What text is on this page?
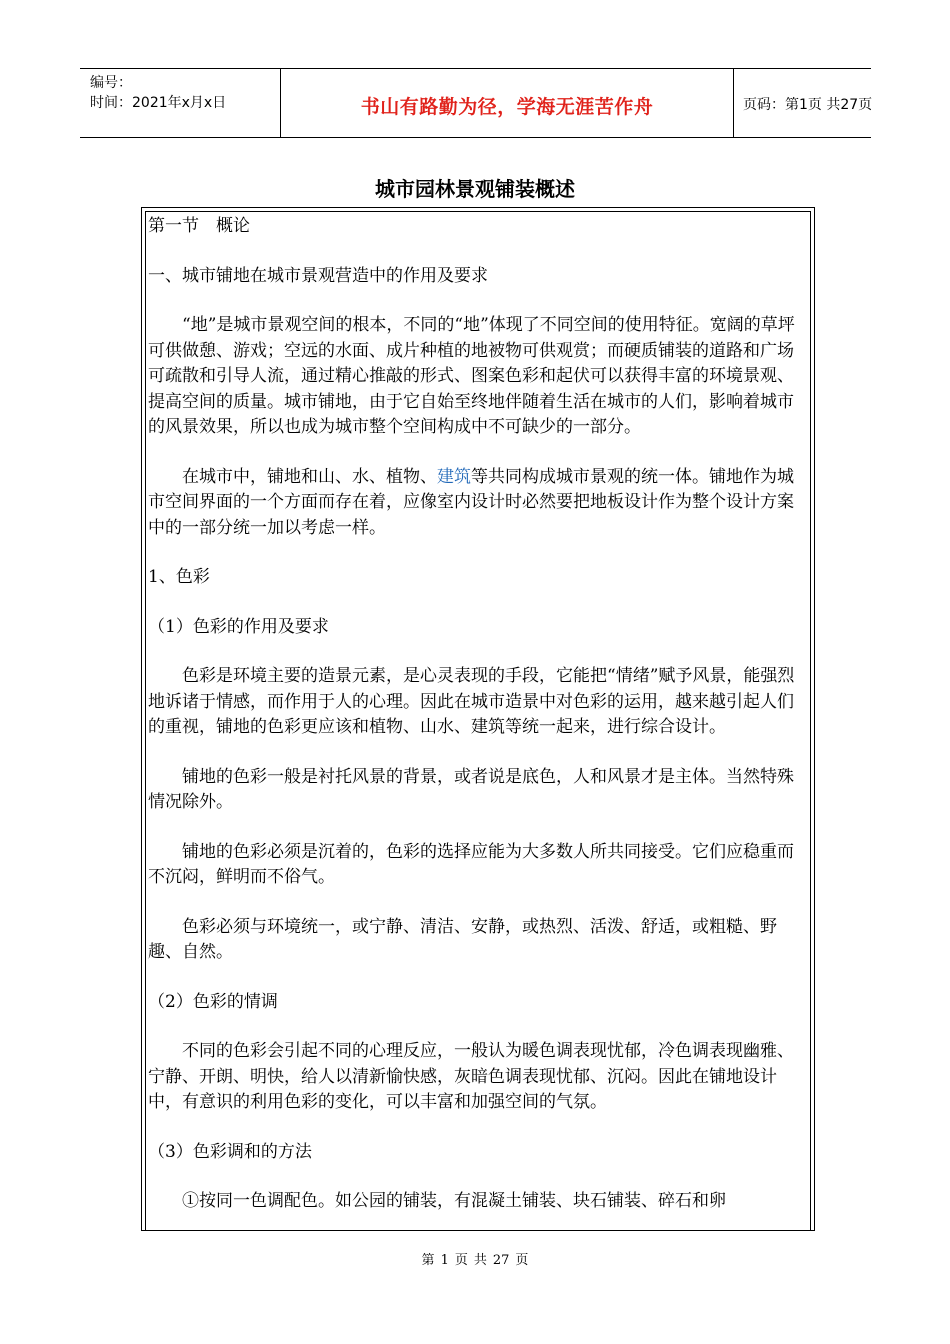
编号：
时间：2021年x月x日	书山有路勤为径，学海无涯苦作舟	页码：第1页 共27页
城市园林景观铺装概述

第一节　概论

一、城市铺地在城市景观营造中的作用及要求

“地”是城市景观空间的根本，不同的“地”体现了不同空间的使用特征。宽阔的草坪可供做憩、游戏；空远的水面、成片种植的地被物可供观赏；而硬质铺装的道路和广场可疏散和引导人流，通过精心推敲的形式、图案色彩和起伏可以获得丰富的环境景观、提高空间的质量。城市铺地，由于它自始至终地伴随着生活在城市的人们，影响着城市的风景效果，所以也成为城市整个空间构成中不可缺少的一部分。

在城市中，铺地和山、水、植物、建筑等共同构成城市景观的统一体。铺地作为城市空间界面的一个方面而存在着，应像室内设计时必然要把地板设计作为整个设计方案中的一部分统一加以考虑一样。

1、色彩

（1）色彩的作用及要求

色彩是环境主要的造景元素，是心灵表现的手段，它能把“情绪”赋予风景，能强烈地诉诸于情感，而作用于人的心理。因此在城市造景中对色彩的运用，越来越引起人们的重视，铺地的色彩更应该和植物、山水、建筑等统一起来，进行综合设计。

铺地的色彩一般是衬托风景的背景，或者说是底色，人和风景才是主体。当然特殊情况除外。

铺地的色彩必须是沉着的，色彩的选择应能为大多数人所共同接受。它们应稳重而不沉闷，鲜明而不俗气。

色彩必须与环境统一，或宁静、清洁、安静，或热烈、活泼、舒适，或粗糙、野趣、自然。

（2）色彩的情调

不同的色彩会引起不同的心理反应，一般认为暖色调表现忧郁，冷色调表现幽雅、宁静、开朗、明快，给人以清新愉快感，灰暗色调表现忧郁、沉闷。因此在铺地设计中，有意识的利用色彩的变化，可以丰富和加强空间的气氛。

（3）色彩调和的方法

①按同一色调配色。如公园的铺装，有混凝土铺装、块石铺装、碎石和卵

第 1 页 共 27 页
